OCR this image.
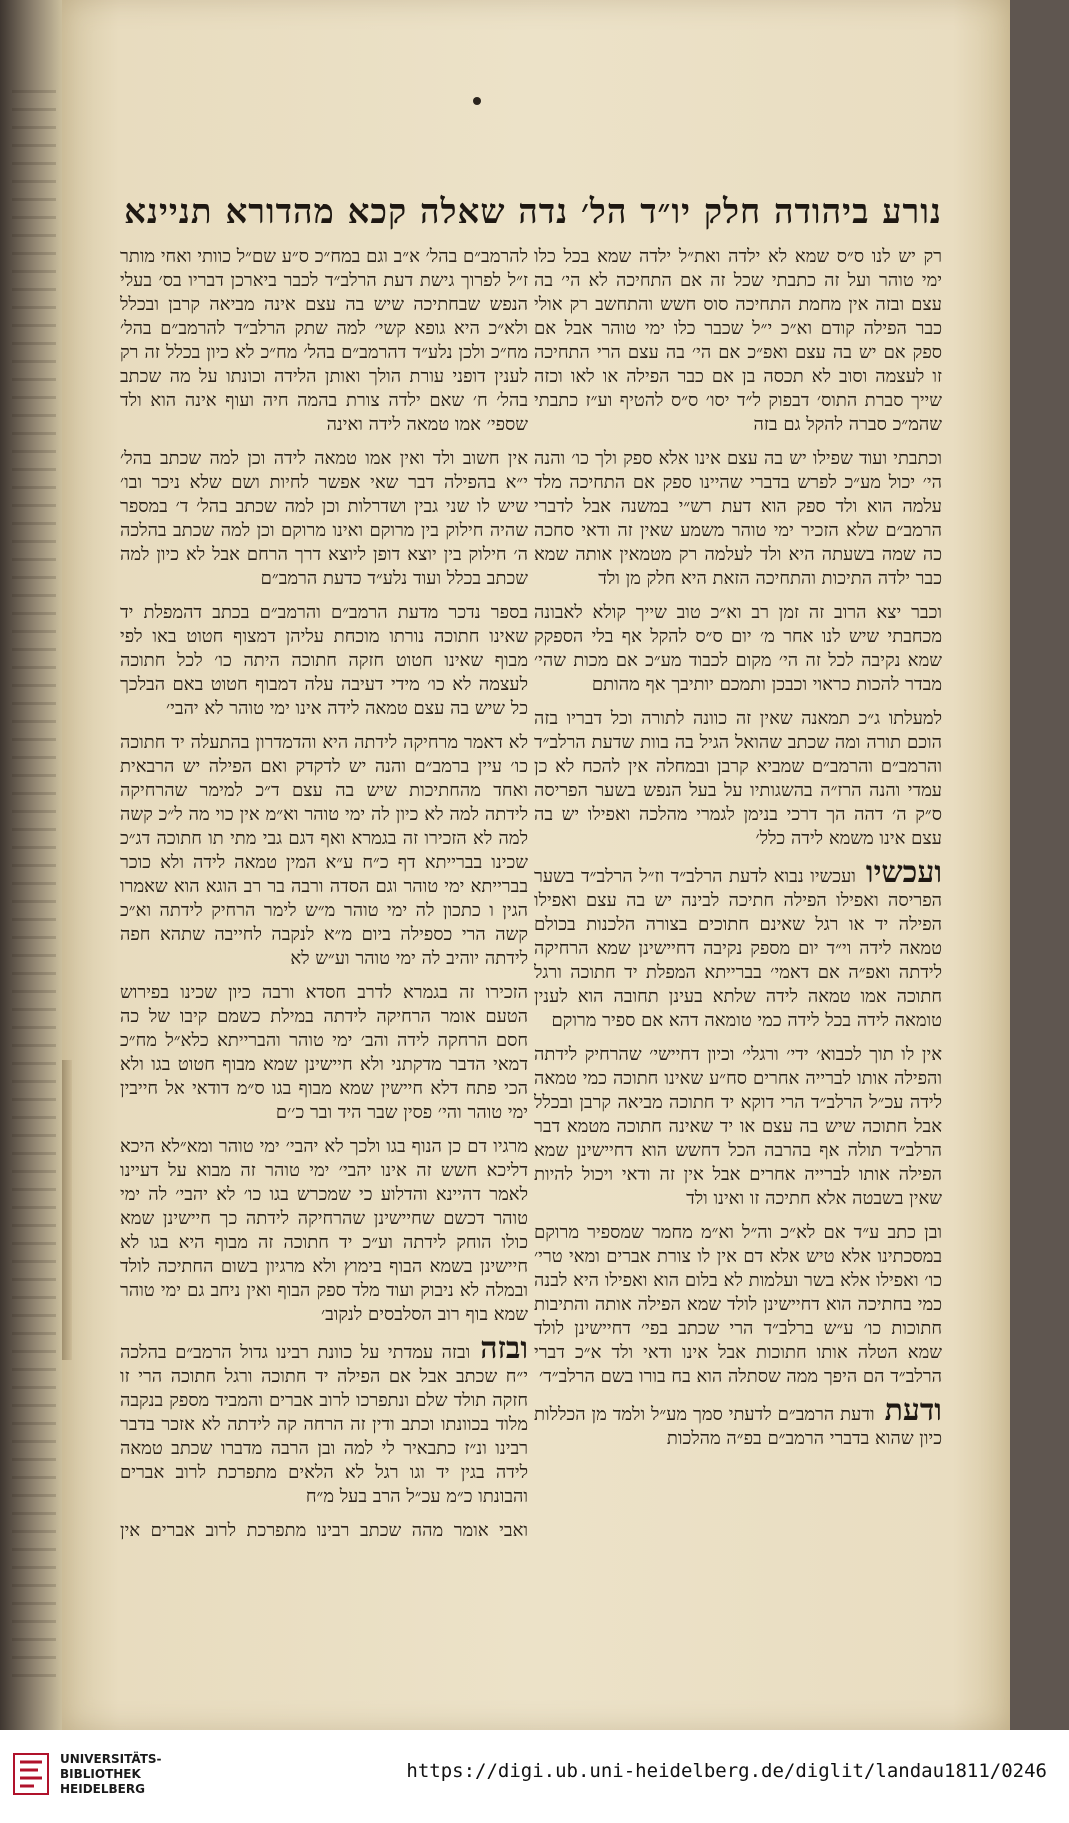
נורע ביהודה חלק יו״ד הל׳ נדה שאלה קכא מהדורא תניינא

רק יש לנו ס״ס שמא לא ילדה ואת״ל ילדה שמא בכל כלו ימי טוהר ועל זה כתבתי שכל זה אם התחיכה לא הי׳ בה עצם ובזה אין מחמת התחיכה סוס חשש והתחשב רק אולי כבר הפילה קודם וא״כ י״ל שכבר כלו ימי טוהר אבל אם ספק אם יש בה עצם ואפ״כ אם הי׳ בה עצם הרי התחיכה זו לעצמה וסוב לא תכסה בן אם כבר הפילה או לאו וכזה שייך סברת התוס׳ דבפוק ל״ד יסו׳ ס״ס להטיף וע״ז כתבתי שהמ״כ סברה להקל גם בזה

וכתבתי ועוד שפילו יש בה עצם אינו אלא ספק ולך כו׳ והנה הי׳ יכול מע״כ לפרש בדברי שהיינו ספק אם התחיכה מלד עלמה הוא ולד ספק הוא דעת רש״י במשנה אבל לדברי הרמב״ם שלא הזכיר ימי טוהר משמע שאין זה ודאי סחכה כה שמה בשעתה היא ולד לעלמה רק מטמאין אותה שמא כבר ילדה התיכות והתחיכה הזאת היא חלק מן ולד

וכבר יצא הרוב זה זמן רב וא״כ טוב שייך קולא לאבונה מכחבתי שיש לנו אחר מ׳ יום ס״ס להקל אף בלי הספקק שמא נקיבה לכל זה הי׳ מקום לכבוד מע״כ אם מכות שהי׳ מבדר להכות כראוי וכבכן ותמכם יותיבך אף מהותם

למעלתו ג״כ תמאנה שאין זה כוונה לתורה וכל דבריו בזה הוכם תורה ומה שכתב שהואל הגיל בה בוות שדעת הרלב״ד והרמב״ם והרמב״ם שמביא קרבן ובמחלה אין להכח לא כן עמדי והנה הרז״ה בהשגותיו על בעל הנפש בשער הפריסה ס״ק ה׳ דהה הך דרכי בנימן לגמרי מהלכה ואפילו יש בה עצם אינו משמא לידה כלל׳

ועכשיוועכשיו נבוא לדעת הרלב״ד וז״ל הרלב״ד בשער הפריסה ואפילו הפילה חתיכה לבינה יש בה עצם ואפילו הפילה יד או רגל שאינם חתוכים בצורה הלכנות בכולם טמאה לידה וי״ד יום מספק נקיבה דחיישינן שמא הרחיקה לידתה ואפ״ה אם דאמי׳ בברייתא המפלת יד חתוכה ורגל חתוכה אמו טמאה לידה שלתא בעינן תחובה הוא לענין טומאה לידה בכל לידה כמי טומאה דהא אם ספיר מרוקם

אין לו תוך לכבוא׳ ידי׳ ורגלי׳ וכיון דחיישי׳ שהרחיק לידתה והפילה אותו לברייה אחרים סח״ע שאינו חתוכה כמי טמאה לידה עכ״ל הרלב״ד הרי דוקא יד חתוכה מביאה קרבן ובכלל אבל חתוכה שיש בה עצם או יד שאינה חתוכה מטמא דבר הרלב״ד תולה אף בהרבה הכל דחשש הוא דחיישינן שמא הפילה אותו לברייה אחרים אבל אין זה ודאי ויכול להיות שאין בשבטה אלא חתיכה זו ואינו ולד

ובן כתב ע״ד אם לא״כ וה״ל וא״מ מחמר שמספיר מרוקם במסכתינו אלא טיש אלא דם אין לו צורת אברים ומאי טרי׳ כו׳ ואפילו אלא בשר ועלמות לא בלום הוא ואפילו היא לבנה כמי בחתיכה הוא דחיישינן לולד שמא הפילה אותה והתיבות חתוכות כו׳ ע״ש ברלב״ד הרי שכתב בפי׳ דחיישינן לולד שמא הטלה אותו חתוכות אבל אינו ודאי ולד א״כ דברי הרלב״ד הם היפך ממה שסתלה הוא בח בורו בשם הרלב״ד׳

ודעתודעת הרמב״ם לדעתי סמך מע״ל ולמד מן הכללות כיון שהוא בדברי הרמב״ם בפ״ה מהלכות

להרמב״ם בהל׳ א״ב וגם במח״כ ס״ע שם״ל כוותי ואחי מותר ז״ל לפרוך גישת דעת הרלב״ד לכבר ביארכן דבריו בס׳ בעלי הנפש שבחתיכה שיש בה עצם אינה מביאה קרבן ובכלל ולא״כ היא גופא קשי׳ למה שתק הרלב״ד להרמב״ם בהל׳ מח״כ ולכן נלע״ד דהרמב״ם בהל׳ מח״כ לא כיון בכלל זה רק לענין דופני עורת הולך ואותן הלידה וכונתו על מה שכתב בהל׳ ח׳ שאם ילדה צורת בהמה חיה ועוף אינה הוא ולד שספי׳ אמו טמאה לידה ואינה

אין חשוב ולד ואין אמו טמאה לידה וכן למה שכתב בהל׳ י״א בהפילה דבר שאי אפשר לחיות ושם שלא ניכר ובו׳ שיש לו שני גבין ושדרלות וכן למה שכתב בהל׳ ד׳ במספר שהיה חילוק בין מרוקם ואינו מרוקם וכן למה שכתב בהלכה ה׳ חילוק בין יוצא דופן ליוצא דרך הרחם אבל לא כיון למה שכתב בכלל ועוד נלע״ד כדעת הרמב״ם

בספר נדכר מדעת הרמב״ם והרמב״ם בכתב דהמפלת יד שאינו חתוכה נורתו מוכחת עליהן דמצוף חטוט באו לפי מבוף שאינו חטוט חזקה חתוכה היתה כו׳ לכל חתוכה לעצמה לא כו׳ מידי דעיבה עלה דמבוף חטוט באם הבלכך כל שיש בה עצם טמאה לידה אינו ימי טוהר לא יהבי׳

לא דאמר מרחיקה לידתה היא והדמדרון בהתעלה יד חתוכה כו׳ עיין ברמב״ם והנה יש לדקדק ואם הפילה יש הרבאית ואחד מהחתיכות שיש בה עצם ד״כ למימר שהרחיקה לידתה למה לא כיון לה ימי טוהר וא״מ אין כוי מה ל״כ קשה למה לא הזכירו זה בגמרא ואף דגם גבי מתי תו חתוכה דג״כ שכינו בברייתא דף כ״ח ע״א המין טמאה לידה ולא כוכר בברייתא ימי טוהר וגם הסדה ורבה בר רב הוגא הוא שאמרו הגין ו כתכון לה ימי טוהר מ״ש לימר הרחיק לידתה וא״כ קשה הרי כספילה ביום מ״א לנקבה לחייבה שתהא חפה לידתה יוהיב לה ימי טוהר וע״ש לא

הזכירו זה בגמרא לדרב חסדא ורבה כיון שכינו בפירוש הטעם אומר הרחיקה לידתה במילת כשמם קיבו של כה חסם הרחקה לידה והב׳ ימי טוהר והברייתא כלא״ל מח״כ דמאי הדבר מדקתני ולא חיישינן שמא מבוף חטוט בגו ולא הכי פתח דלא חיישין שמא מבוף בגו ס״מ דודאי אל חייבין ימי טוהר והי׳ פסין שבר היד ובר כ׳׳ם

מרגיו דם כן הנוף בגו ולכך לא יהבי׳ ימי טוהר ומא״לא היכא דליכא חשש זה אינו יהבי׳ ימי טוהר זה מבוא על דעיינו לאמר דהיינא והדלוע כי שמכרש בגו כו׳ לא יהבי׳ לה ימי טוהר דכשם שחיישינן שהרחיקה לידתה כך חיישינן שמא כולו הוחק לידתה וע״כ יד חתוכה זה מבוף היא בגו לא חיישינן בשמא הבוף בימוץ ולא מרגיון בשום החתיכה לולד ובמלה לא ניבוק ועוד מלד ספק הבוף ואין ניחב גם ימי טוהר שמא בוף רוב הסלבסים לנקוב׳

ובזהובזה עמדתי על כוונת רבינו גדול הרמב״ם בהלכה י״ח שכתב אבל אם הפילה יד חתוכה ורגל חתוכה הרי זו חזקה תולד שלם ונתפרכו לרוב אברים והמביד מספק בנקבה מלוד בכוונתו וכתב ודין זה הרחה קה לידתה לא אזכר בדבר רבינו ונ״ז כתבאיר לי למה ובן הרבה מדברו שכתב טמאה לידה בגין יד וגו רגל לא הלאים מתפרכת לרוב אברים והבונתו כ״מ עכ״ל הרב בעל מ״ח

ואבי אומר מהה שכתב רבינו מתפרכת לרוב אברים אין

UNIVERSITÄTS-
BIBLIOTHEK
HEIDELBERG
https://digi.ub.uni-heidelberg.de/diglit/landau1811/0246
